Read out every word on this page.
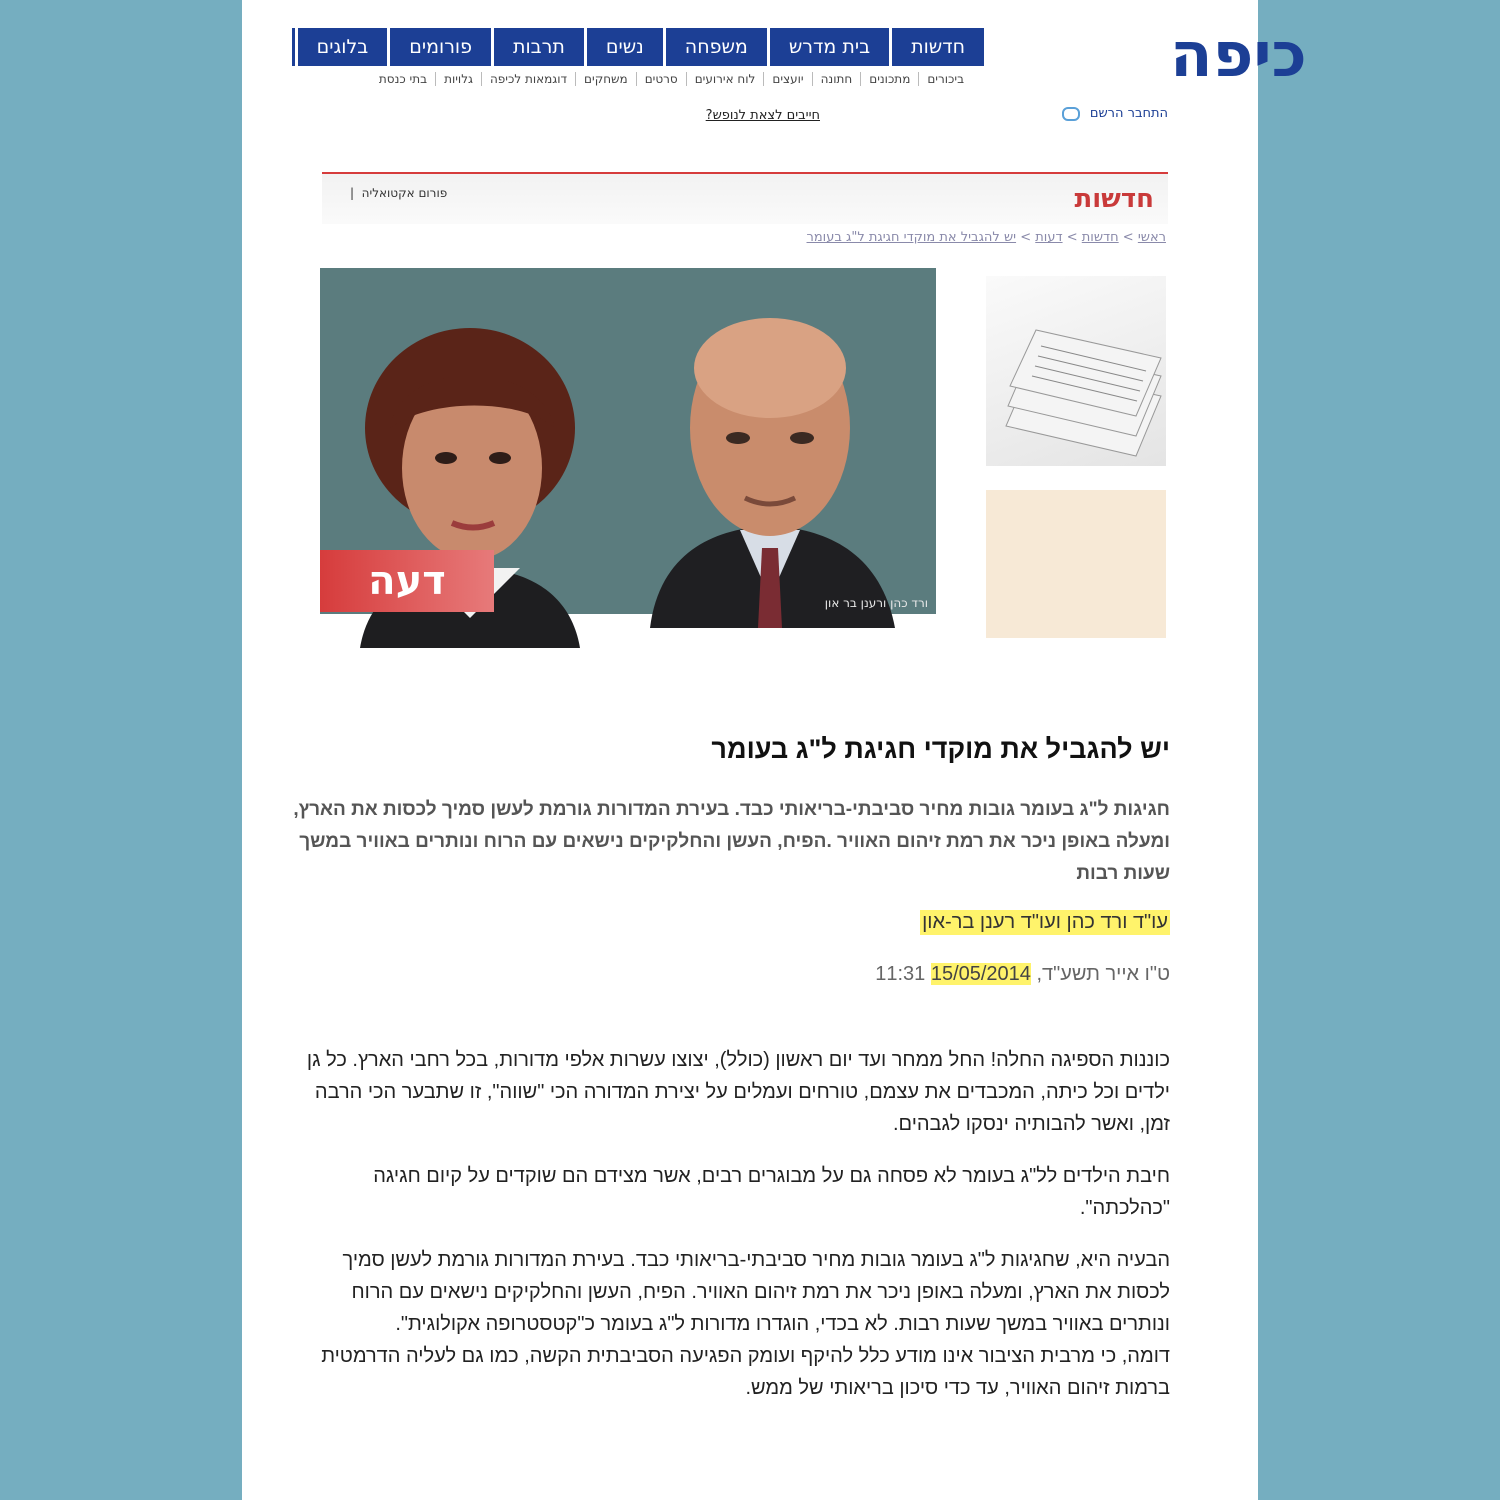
כיפה
התחבר הרשם
חדשות
בית מדרש
משפחה
נשים
תרבות
פורומים
בלוגים
ביכורים
מתכונים
חתונה
יועצים
לוח אירועים
סרטים
משחקים
דוגמאות לכיפה
גלויות
בתי כנסת
חייבים לצאת לנופש?
חדשות
פורום אקטואליה  |
ראשי > חדשות > דעות > יש להגביל את מוקדי חגיגת ל"ג בעומר
דעה	ורד כהן ורענן בר און
יש להגביל את מוקדי חגיגת ל"ג בעומר

חגיגות ל"ג בעומר גובות מחיר סביבתי-בריאותי כבד. בעירת המדורות גורמת לעשן סמיך לכסות את הארץ, ומעלה באופן ניכר את רמת זיהום האוויר .הפיח, העשן והחלקיקים נישאים עם הרוח ונותרים באוויר במשך שעות רבות

עו"ד ורד כהן ועו"ד רענן בר-און
ט"ו אייר תשע"ד, 15/05/2014 11:31

כוננות הספיגה החלה! החל ממחר ועד יום ראשון (כולל), יצוצו עשרות אלפי מדורות, בכל רחבי הארץ. כל גן ילדים וכל כיתה, המכבדים את עצמם, טורחים ועמלים על יצירת המדורה הכי "שווה", זו שתבער הכי הרבה זמן, ואשר להבותיה ינסקו לגבהים.

חיבת הילדים לל"ג בעומר לא פסחה גם על מבוגרים רבים, אשר מצידם הם שוקדים על קיום חגיגה "כהלכתה".

הבעיה היא, שחגיגות ל"ג בעומר גובות מחיר סביבתי-בריאותי כבד. בעירת המדורות גורמת לעשן סמיך לכסות את הארץ, ומעלה באופן ניכר את רמת זיהום האוויר. הפיח, העשן והחלקיקים נישאים עם הרוח ונותרים באוויר במשך שעות רבות. לא בכדי, הוגדרו מדורות ל"ג בעומר כ"קטסטרופה אקולוגית".

דומה, כי מרבית הציבור אינו מודע כלל להיקף ועומק הפגיעה הסביבתית הקשה, כמו גם לעליה הדרמטית ברמות זיהום האוויר, עד כדי סיכון בריאותי של ממש.
